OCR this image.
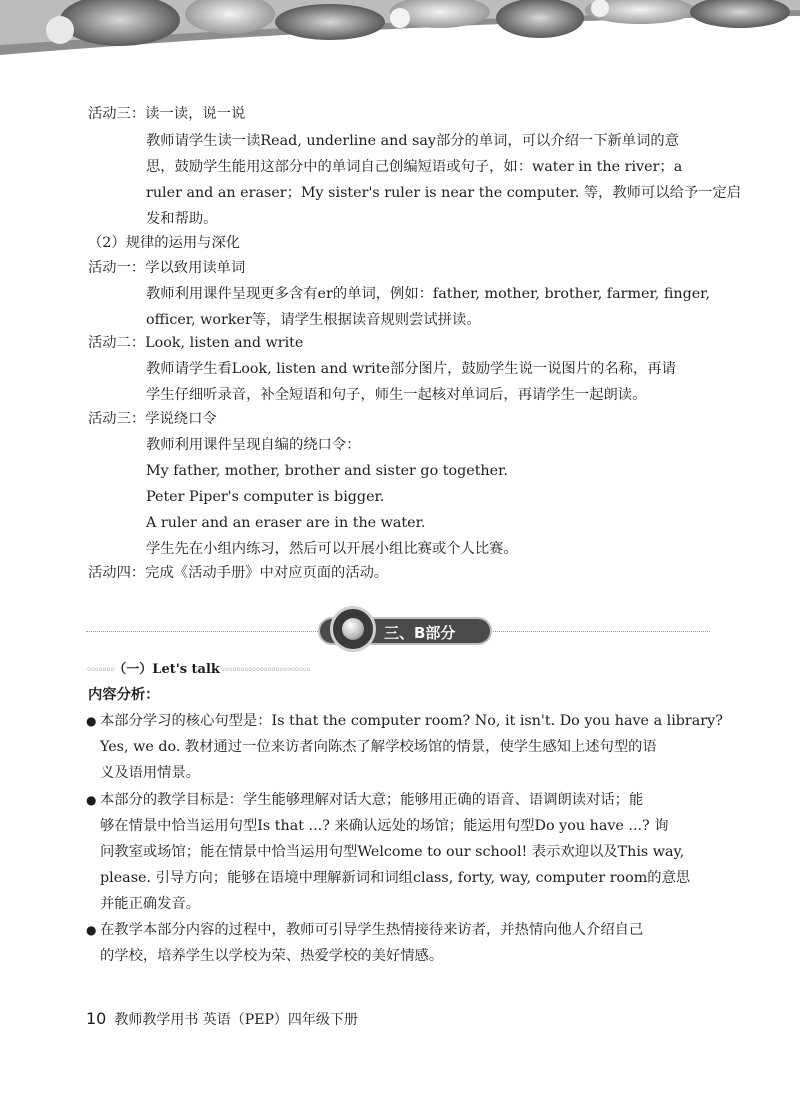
活动三：读一读，说一说
教师请学生读一读Read, underline and say部分的单词，可以介绍一下新单词的意
思，鼓励学生能用这部分中的单词自己创编短语或句子，如：water in the river；a
ruler and an eraser；My sister's ruler is near the computer. 等，教师可以给予一定启
发和帮助。
（2）规律的运用与深化
活动一：学以致用读单词
教师利用课件呈现更多含有er的单词，例如：father, mother, brother, farmer, finger,
officer, worker等，请学生根据读音规则尝试拼读。
活动二：Look, listen and write
教师请学生看Look, listen and write部分图片，鼓励学生说一说图片的名称，再请
学生仔细听录音，补全短语和句子，师生一起核对单词后，再请学生一起朗读。
活动三：学说绕口令
教师利用课件呈现自编的绕口令：
My father, mother, brother and sister go together.
Peter Piper's computer is bigger.
A ruler and an eraser are in the water.
学生先在小组内练习，然后可以开展小组比赛或个人比赛。
活动四：完成《活动手册》中对应页面的活动。
三、B部分
◦◦◦◦◦◦◦（一）Let's talk◦◦◦◦◦◦◦◦◦◦◦◦◦◦◦◦◦◦◦◦◦◦◦
内容分析：
● 本部分学习的核心句型是：Is that the computer room? No, it isn't. Do you have a library?
Yes, we do. 教材通过一位来访者向陈杰了解学校场馆的情景，使学生感知上述句型的语
义及语用情景。
● 本部分的教学目标是：学生能够理解对话大意；能够用正确的语音、语调朗读对话；能
够在情景中恰当运用句型Is that ...? 来确认远处的场馆；能运用句型Do you have ...? 询
问教室或场馆；能在情景中恰当运用句型Welcome to our school! 表示欢迎以及This way,
please. 引导方向；能够在语境中理解新词和词组class, forty, way, computer room的意思
并能正确发音。
● 在教学本部分内容的过程中，教师可引导学生热情接待来访者，并热情向他人介绍自己
的学校，培养学生以学校为荣、热爱学校的美好情感。
10 教师教学用书 英语（PEP）四年级下册
